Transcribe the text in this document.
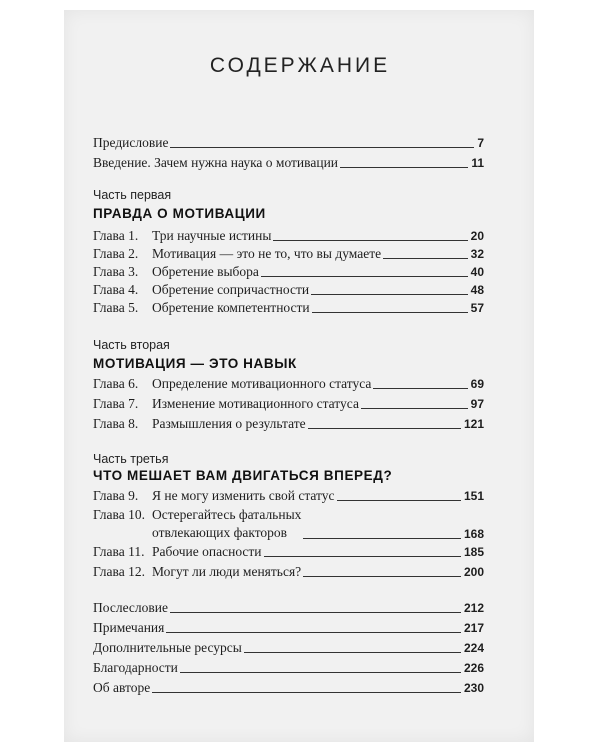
СОДЕРЖАНИЕ
Предисловие	7
Введение. Зачем нужна наука о мотивации	11
Часть первая
ПРАВДА О МОТИВАЦИИ
Глава 1. Три научные истины	20
Глава 2. Мотивация — это не то, что вы думаете	32
Глава 3. Обретение выбора	40
Глава 4. Обретение сопричастности	48
Глава 5. Обретение компетентности	57
Часть вторая
МОТИВАЦИЯ — ЭТО НАВЫК
Глава 6. Определение мотивационного статуса	69
Глава 7. Изменение мотивационного статуса	97
Глава 8. Размышления о результате	121
Часть третья
ЧТО МЕШАЕТ ВАМ ДВИГАТЬСЯ ВПЕРЕД?
Глава 9. Я не могу изменить свой статус	151
Глава 10. Остерегайтесь фатальных
отвлекающих факторов	168
Глава 11. Рабочие опасности	185
Глава 12. Могут ли люди меняться?	200
Послесловие	212
Примечания	217
Дополнительные ресурсы	224
Благодарности	226
Об авторе	230
